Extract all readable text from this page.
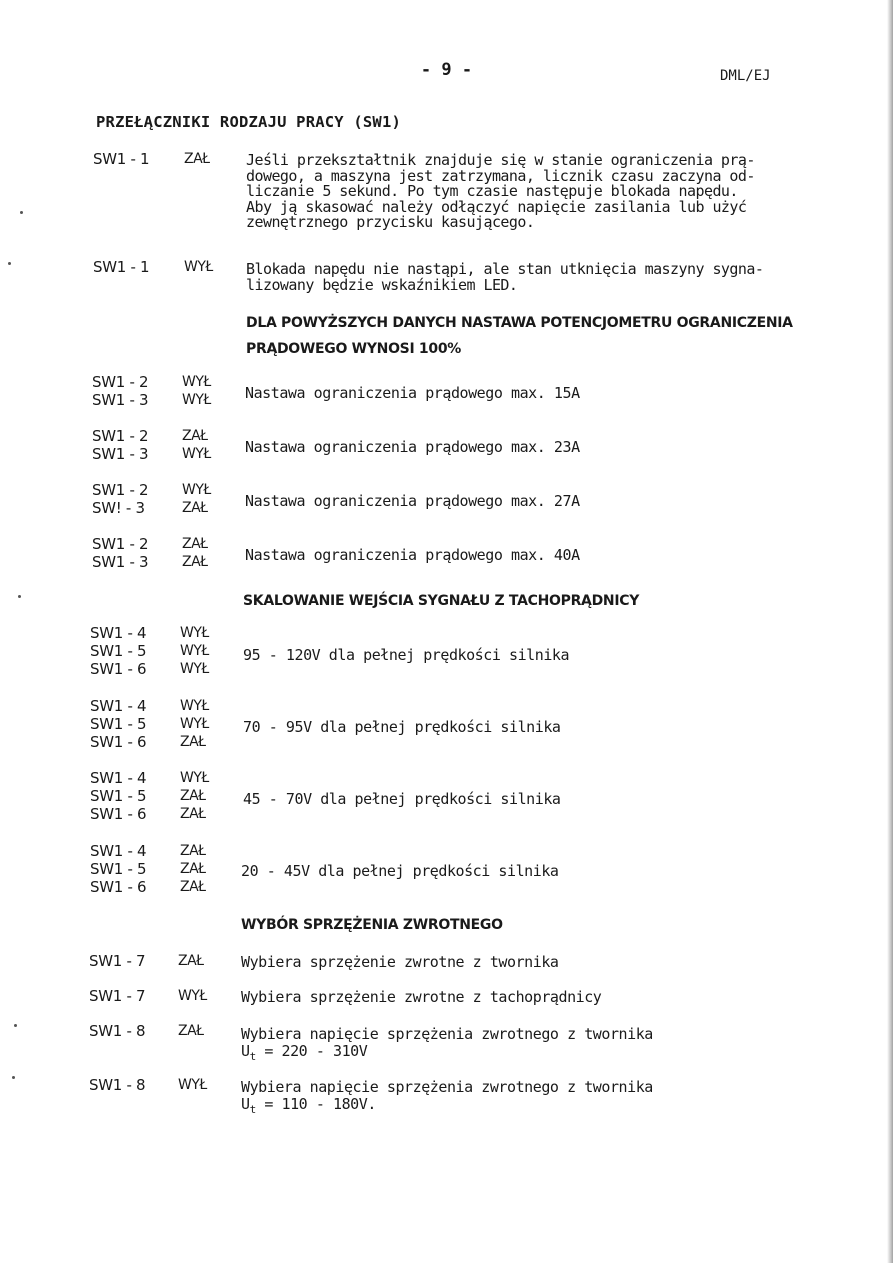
- 9 -	DML/EJ
PRZEŁĄCZNIKI RODZAJU PRACY (SW1)
SW1 - 1 ZAŁ Jeśli przekształtnik znajduje się w stanie ograniczenia prą-
dowego, a maszyna jest zatrzymana, licznik czasu zaczyna od-
liczanie 5 sekund. Po tym czasie następuje blokada napędu.
Aby ją skasować należy odłączyć napięcie zasilania lub użyć
zewnętrznego przycisku kasującego.
SW1 - 1 WYŁ Blokada napędu nie nastąpi, ale stan utknięcia maszyny sygna-
lizowany będzie wskaźnikiem LED.
DLA POWYŻSZYCH DANYCH NASTAWA POTENCJOMETRU OGRANICZENIA
PRĄDOWEGO WYNOSI 100%
SW1 - 2
SW1 - 3
WYŁ
WYŁ Nastawa ograniczenia prądowego max. 15A
SW1 - 2
SW1 - 3
ZAŁ
WYŁ Nastawa ograniczenia prądowego max. 23A
SW1 - 2
SW! - 3
WYŁ
ZAŁ Nastawa ograniczenia prądowego max. 27A
SW1 - 2
SW1 - 3
ZAŁ
ZAŁ Nastawa ograniczenia prądowego max. 40A
SKALOWANIE WEJŚCIA SYGNAŁU Z TACHOPRĄDNICY
SW1 - 4
SW1 - 5
SW1 - 6
WYŁ
WYŁ
WYŁ
95 - 120V dla pełnej prędkości silnika
SW1 - 4
SW1 - 5
SW1 - 6
WYŁ
WYŁ
ZAŁ
70 - 95V dla pełnej prędkości silnika
SW1 - 4
SW1 - 5
SW1 - 6
WYŁ
ZAŁ
ZAŁ
45 - 70V dla pełnej prędkości silnika
SW1 - 4
SW1 - 5
SW1 - 6
ZAŁ
ZAŁ
ZAŁ
20 - 45V dla pełnej prędkości silnika
WYBÓR SPRZĘŻENIA ZWROTNEGO
SW1 - 7 ZAŁ Wybiera sprzężenie zwrotne z twornika
SW1 - 7 WYŁ Wybiera sprzężenie zwrotne z tachoprądnicy
SW1 - 8 ZAŁ Wybiera napięcie sprzężenia zwrotnego z twornika
$U_t = 220 - 310V$
SW1 - 8 WYŁ Wybiera napięcie sprzężenia zwrotnego z twornika
$U_t = 110 - 180V$.
